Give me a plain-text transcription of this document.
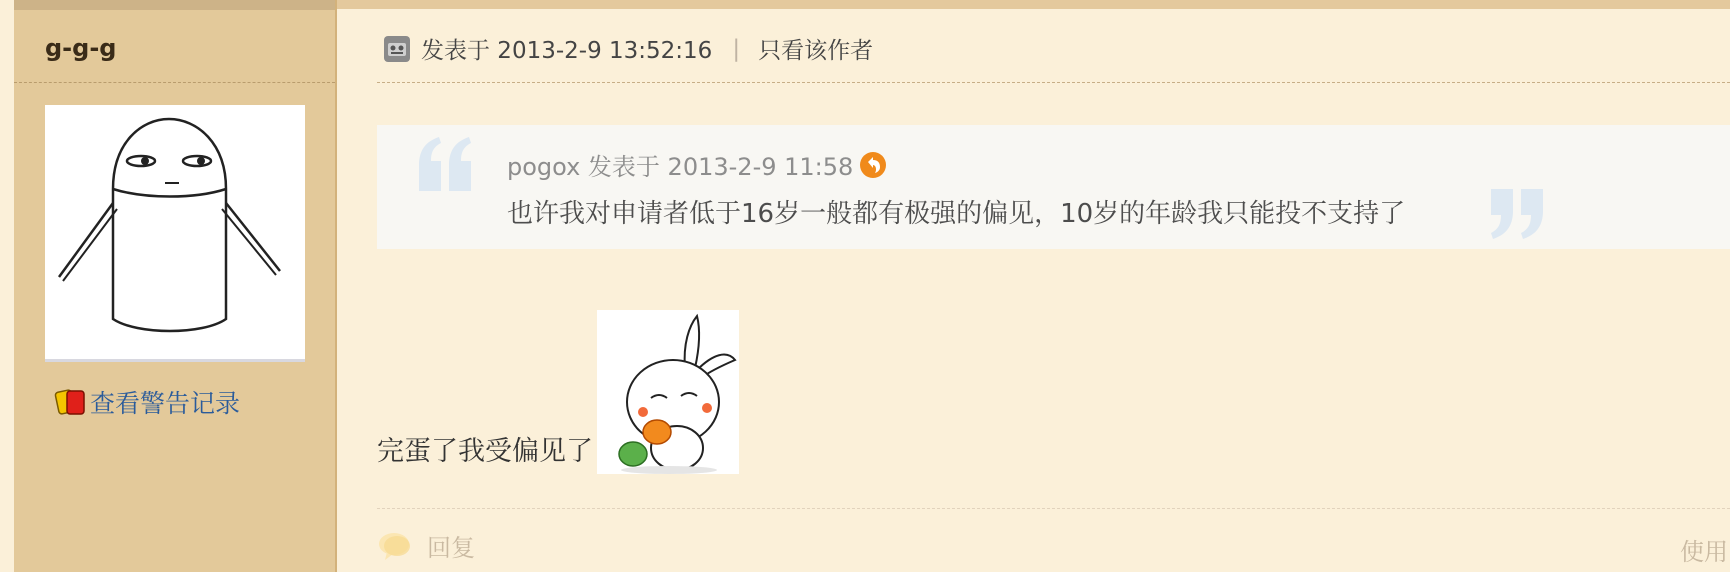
g-g-g
查看警告记录
发表于 2013-2-9 13:52:16 | 只看该作者
pogox 发表于 2013-2-9 11:58
也许我对申请者低于16岁一般都有极强的偏见，10岁的年龄我只能投不支持了
完蛋了我受偏见了
回复	使用
